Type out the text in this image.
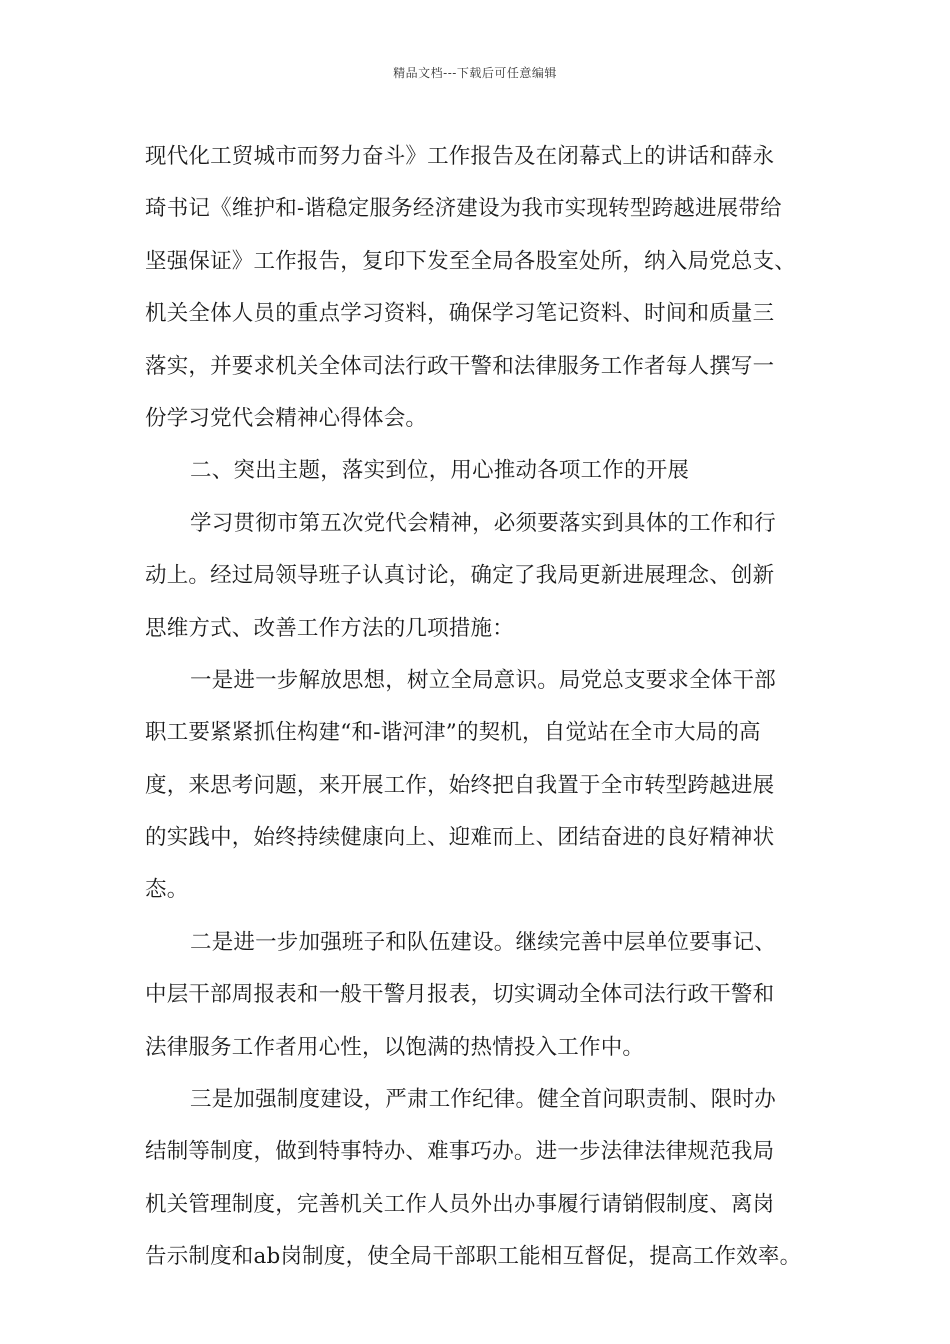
精品文档---下载后可任意编辑
现代化工贸城市而努力奋斗》工作报告及在闭幕式上的讲话和薛永
琦书记《维护和-谐稳定服务经济建设为我市实现转型跨越进展带给
坚强保证》工作报告，复印下发至全局各股室处所，纳入局党总支、
机关全体人员的重点学习资料，确保学习笔记资料、时间和质量三
落实，并要求机关全体司法行政干警和法律服务工作者每人撰写一
份学习党代会精神心得体会。
二、突出主题，落实到位，用心推动各项工作的开展
学习贯彻市第五次党代会精神，必须要落实到具体的工作和行
动上。经过局领导班子认真讨论，确定了我局更新进展理念、创新
思维方式、改善工作方法的几项措施：
一是进一步解放思想，树立全局意识。局党总支要求全体干部
职工要紧紧抓住构建“和-谐河津”的契机，自觉站在全市大局的高
度，来思考问题，来开展工作，始终把自我置于全市转型跨越进展
的实践中，始终持续健康向上、迎难而上、团结奋进的良好精神状
态。
二是进一步加强班子和队伍建设。继续完善中层单位要事记、
中层干部周报表和一般干警月报表，切实调动全体司法行政干警和
法律服务工作者用心性，以饱满的热情投入工作中。
三是加强制度建设，严肃工作纪律。健全首问职责制、限时办
结制等制度，做到特事特办、难事巧办。进一步法律法律规范我局
机关管理制度，完善机关工作人员外出办事履行请销假制度、离岗
告示制度和ab岗制度，使全局干部职工能相互督促，提高工作效率。
